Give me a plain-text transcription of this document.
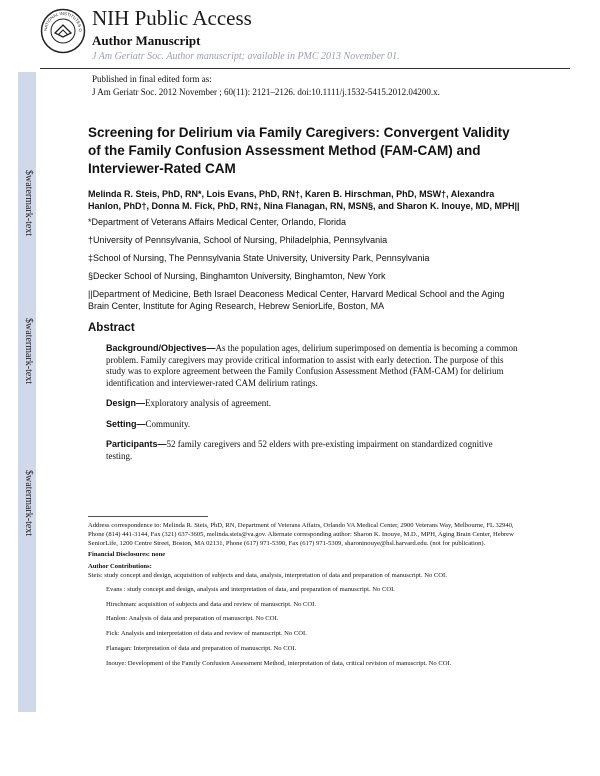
$watermark-text
$watermark-text
$watermark-text
NATIONAL INSTITUTES O
NIH Public Access
Author Manuscript
J Am Geriatr Soc. Author manuscript; available in PMC 2013 November 01.
Published in final edited form as:
J Am Geriatr Soc. 2012 November ; 60(11): 2121–2126. doi:10.1111/j.1532-5415.2012.04200.x.
Screening for Delirium via Family Caregivers: Convergent Validity of the Family Confusion Assessment Method (FAM-CAM) and Interviewer-Rated CAM

Melinda R. Steis, PhD, RN*, Lois Evans, PhD, RN†, Karen B. Hirschman, PhD, MSW†, Alexandra Hanlon, PhD†, Donna M. Fick, PhD, RN‡, Nina Flanagan, RN, MSN§, and Sharon K. Inouye, MD, MPH||

*Department of Veterans Affairs Medical Center, Orlando, Florida

†University of Pennsylvania, School of Nursing, Philadelphia, Pennsylvania

‡School of Nursing, The Pennsylvania State University, University Park, Pennsylvania

§Decker School of Nursing, Binghamton University, Binghamton, New York

||Department of Medicine, Beth Israel Deaconess Medical Center, Harvard Medical School and the Aging Brain Center, Institute for Aging Research, Hebrew SeniorLife, Boston, MA

Abstract

Background/Objectives—As the population ages, delirium superimposed on dementia is becoming a common problem. Family caregivers may provide critical information to assist with early detection. The purpose of this study was to explore agreement between the Family Confusion Assessment Method (FAM-CAM) for delirium identification and interviewer-rated CAM delirium ratings.

Design—Exploratory analysis of agreement.

Setting—Community.

Participants—52 family caregivers and 52 elders with pre-existing impairment on standardized cognitive testing.

Address correspondence to: Melinda R. Steis, PhD, RN, Department of Veterans Affairs, Orlando VA Medical Center, 2900 Veterans Way, Melbourne, FL 32940, Phone (814) 441-3144, Fax (321) 637-3605, melinda.steis@va.gov. Alternate corresponding author: Sharon K. Inouye, M.D., MPH, Aging Brain Center, Hebrew SeniorLife, 1200 Centre Street, Boston, MA 02131, Phone (617) 971-5390, Fax (617) 971-5309, sharoninouye@hsl.harvard.edu. (not for publication).

Financial Disclosures: none

Author Contributions:

Steis: study concept and design, acquisition of subjects and data, analysis, interpretation of data and preparation of manuscript. No COI.

Evans : study concept and design, analysis and interpretation of data, and preparation of manuscript. No COI.

Hirschman: acquisition of subjects and data and review of manuscript. No COI.

Hanlon: Analysis of data and preparation of manuscript. No COI.

Fick: Analysis and interpretation of data and review of manuscript. No COI.

Flanagan: Interpretation of data and preparation of manuscript. No COI.

Inouye: Development of the Family Confusion Assessment Method, interpretation of data, critical revision of manuscript. No COI.
